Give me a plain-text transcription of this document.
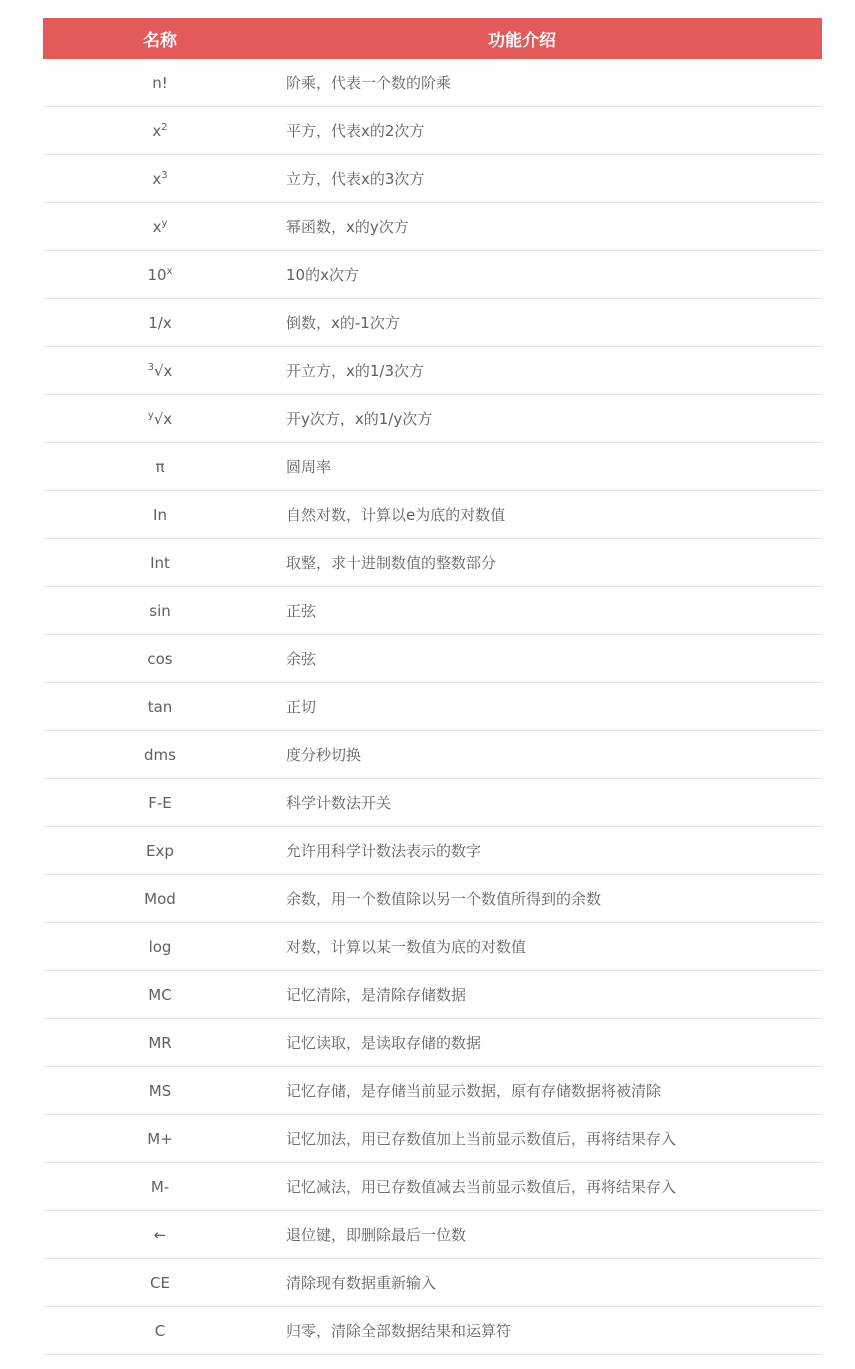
名称	功能介绍
n!	阶乘，代表一个数的阶乘
$x^2$	平方，代表x的2次方
$x^3$	立方，代表x的3次方
$x^y$	幂函数，x的y次方
10$^x$	10的x次方
1/x	倒数，x的-1次方
$^3$√x	开立方，x的1/3次方
$^y$√x	开y次方，x的1/y次方
π	圆周率
In	自然对数，计算以e为底的对数值
Int	取整，求十进制数值的整数部分
sin	正弦
cos	余弦
tan	正切
dms	度分秒切换
F-E	科学计数法开关
Exp	允许用科学计数法表示的数字
Mod	余数，用一个数值除以另一个数值所得到的余数
log	对数，计算以某一数值为底的对数值
MC	记忆清除，是清除存储数据
MR	记忆读取，是读取存储的数据
MS	记忆存储，是存储当前显示数据，原有存储数据将被清除
M+	记忆加法，用已存数值加上当前显示数值后，再将结果存入
M-	记忆减法，用已存数值减去当前显示数值后，再将结果存入
←	退位键，即删除最后一位数
CE	清除现有数据重新输入
C	归零，清除全部数据结果和运算符
